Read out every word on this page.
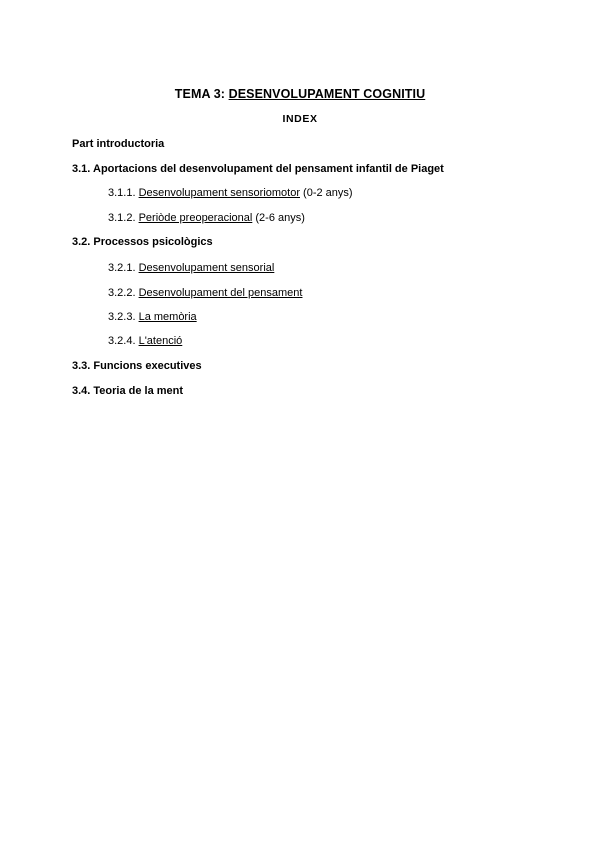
TEMA 3: DESENVOLUPAMENT COGNITIU
INDEX
Part introductoria
3.1. Aportacions del desenvolupament del pensament infantil de Piaget
3.1.1. Desenvolupament sensoriomotor (0-2 anys)
3.1.2. Periòde preoperacional (2-6 anys)
3.2. Processos psicològics
3.2.1. Desenvolupament sensorial
3.2.2. Desenvolupament del pensament
3.2.3. La memòria
3.2.4. L'atenció
3.3. Funcions executives
3.4. Teoria de la ment
